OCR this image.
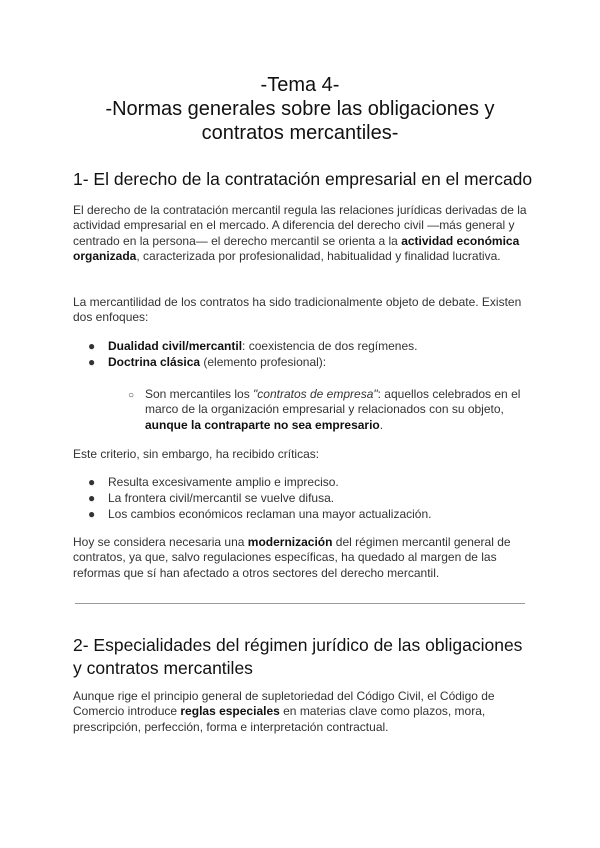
-Tema 4-
-Normas generales sobre las obligaciones y
contratos mercantiles-
1- El derecho de la contratación empresarial en el mercado
El derecho de la contratación mercantil regula las relaciones jurídicas derivadas de la actividad empresarial en el mercado. A diferencia del derecho civil —más general y centrado en la persona— el derecho mercantil se orienta a la actividad económica organizada, caracterizada por profesionalidad, habitualidad y finalidad lucrativa.
La mercantilidad de los contratos ha sido tradicionalmente objeto de debate. Existen dos enfoques:
● Dualidad civil/mercantil: coexistencia de dos regímenes.
● Doctrina clásica (elemento profesional):
○ Son mercantiles los "contratos de empresa": aquellos celebrados en el marco de la organización empresarial y relacionados con su objeto, aunque la contraparte no sea empresario.
Este criterio, sin embargo, ha recibido críticas:
● Resulta excesivamente amplio e impreciso.
● La frontera civil/mercantil se vuelve difusa.
● Los cambios económicos reclaman una mayor actualización.
Hoy se considera necesaria una modernización del régimen mercantil general de contratos, ya que, salvo regulaciones específicas, ha quedado al margen de las reformas que sí han afectado a otros sectores del derecho mercantil.
2- Especialidades del régimen jurídico de las obligaciones
y contratos mercantiles
Aunque rige el principio general de supletoriedad del Código Civil, el Código de Comercio introduce reglas especiales en materias clave como plazos, mora, prescripción, perfección, forma e interpretación contractual.
